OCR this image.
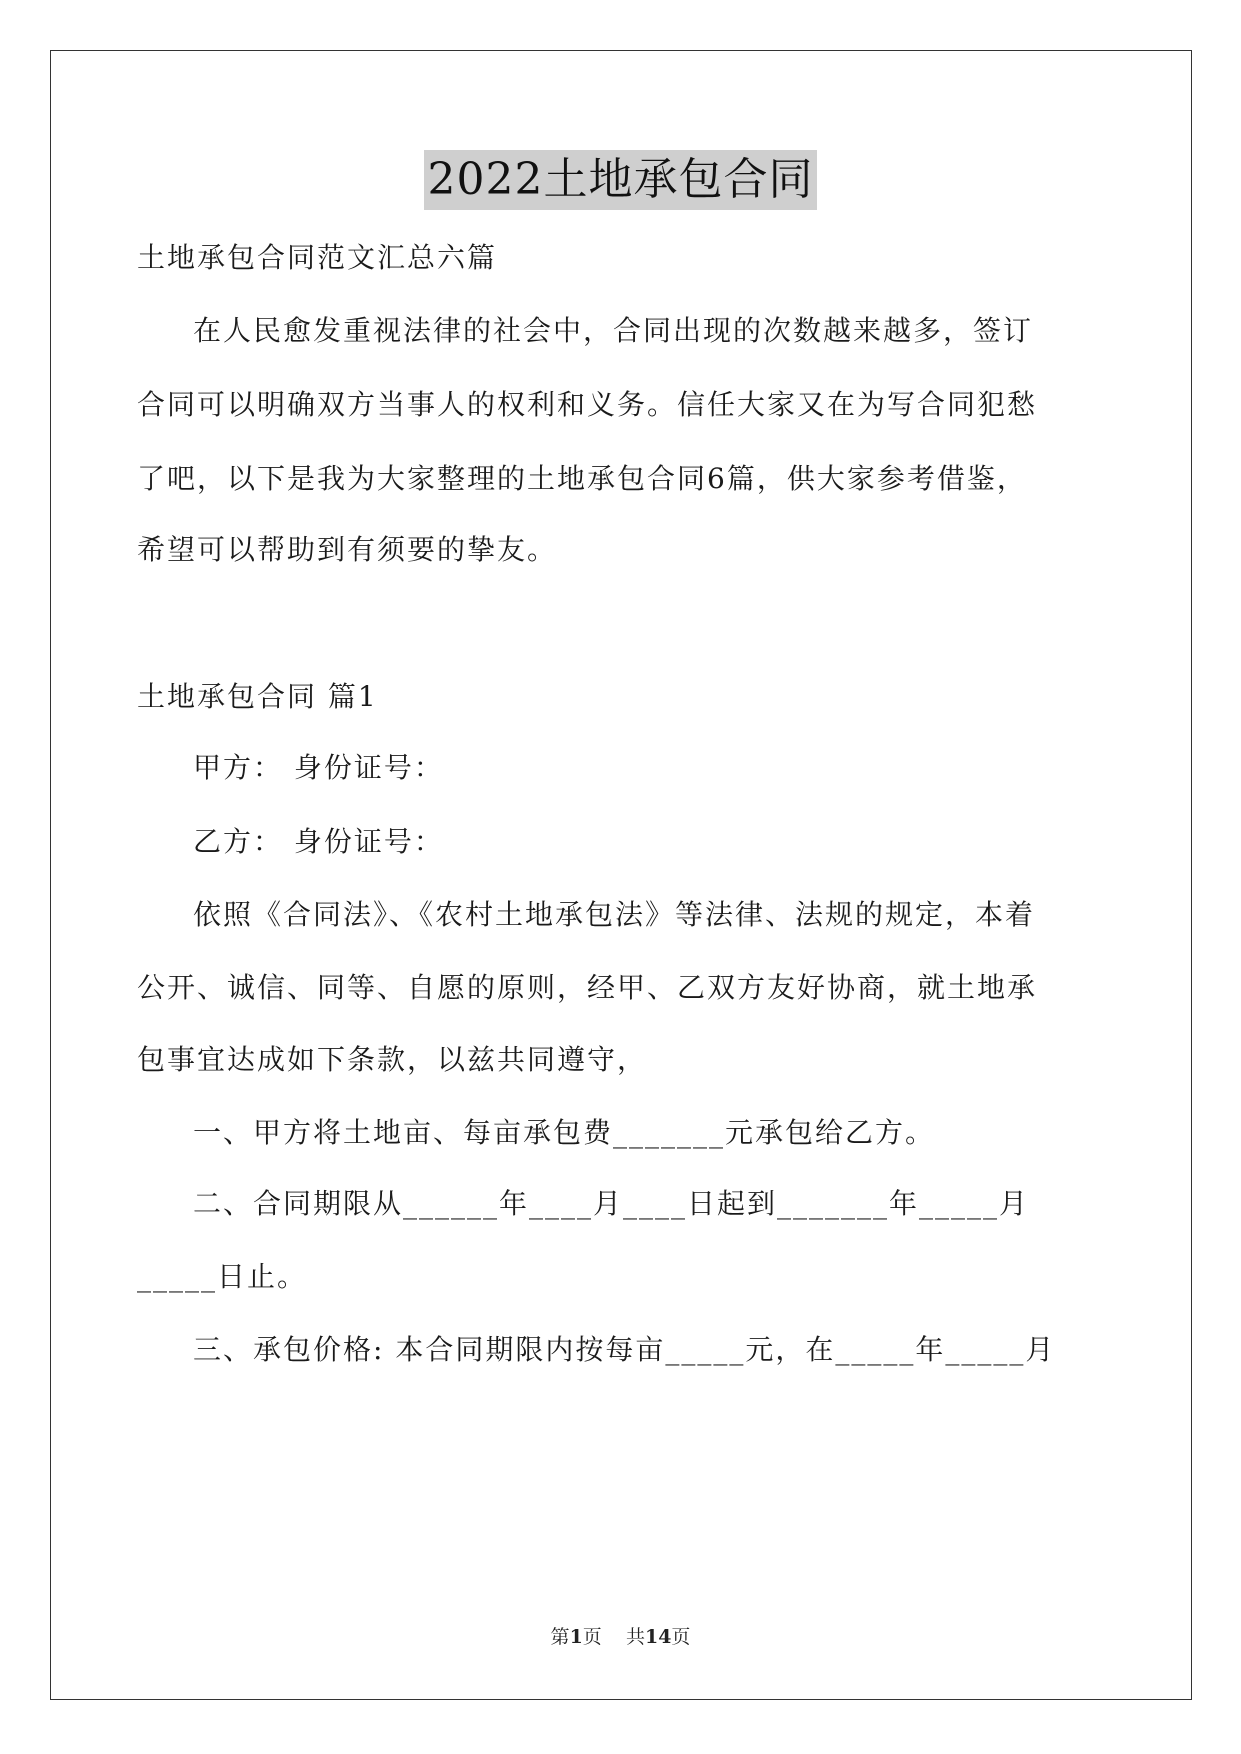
2022土地承包合同
土地承包合同范文汇总六篇
在人民愈发重视法律的社会中，合同出现的次数越来越多，签订
合同可以明确双方当事人的权利和义务。信任大家又在为写合同犯愁
了吧，以下是我为大家整理的土地承包合同6篇，供大家参考借鉴，
希望可以帮助到有须要的挚友。
土地承包合同 篇1
甲方： 身份证号：
乙方： 身份证号：
依照《合同法》、《农村土地承包法》等法律、法规的规定，本着
公开、诚信、同等、自愿的原则，经甲、乙双方友好协商，就土地承
包事宜达成如下条款，以兹共同遵守，
一、甲方将土地亩、每亩承包费_______元承包给乙方。
二、合同期限从______年____月____日起到_______年_____月
_____日止。
三、承包价格: 本合同期限内按每亩_____元，在_____年_____月
第1页    共14页
